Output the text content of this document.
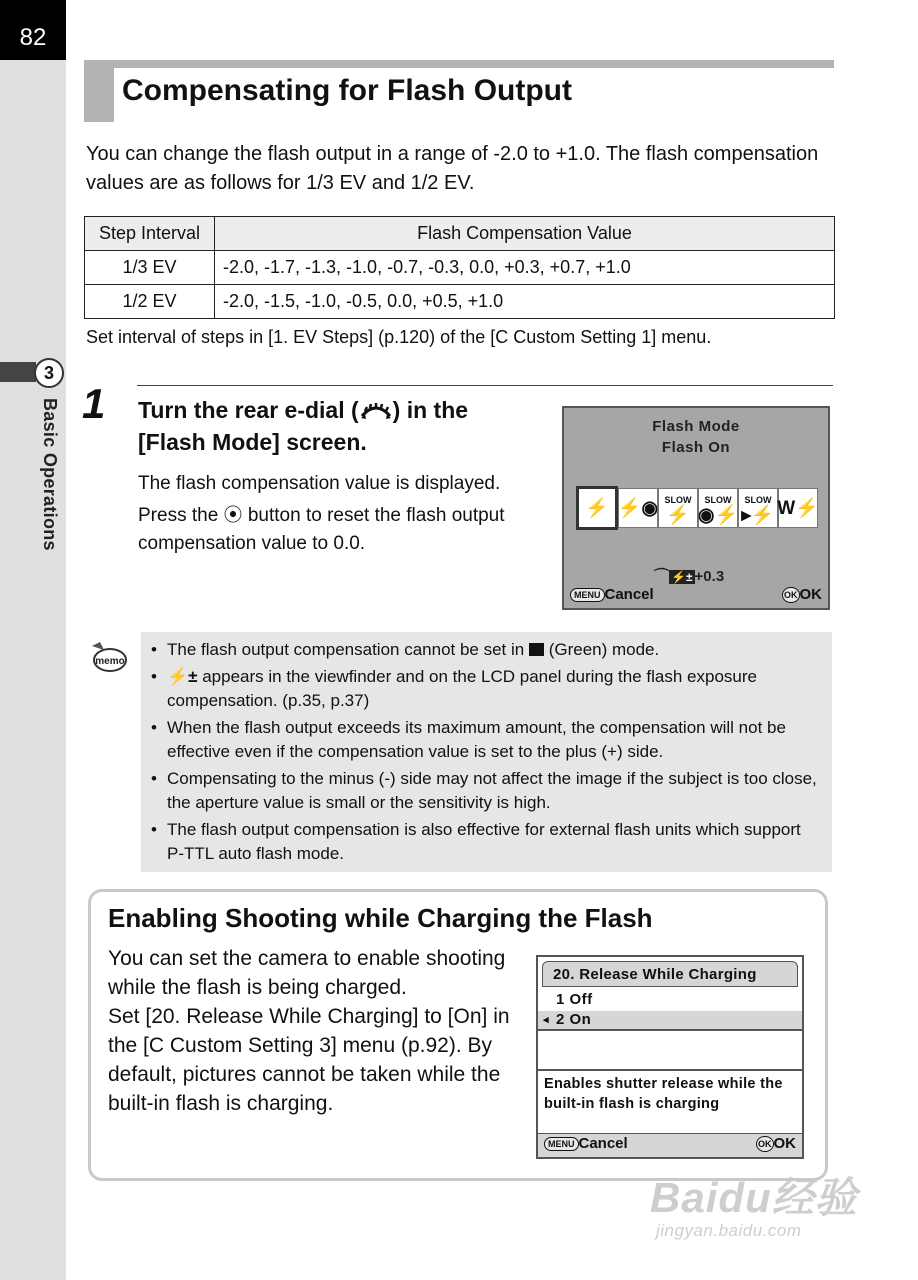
82
3
Basic Operations
Compensating for Flash Output

You can change the flash output in a range of -2.0 to +1.0. The flash compensation values are as follows for 1/3 EV and 1/2 EV.

Step Interval	Flash Compensation Value
1/3 EV	-2.0, -1.7, -1.3, -1.0, -0.7, -0.3, 0.0, +0.3, +0.7, +1.0
1/2 EV	-2.0, -1.5, -1.0, -0.5, 0.0, +0.5, +1.0

Set interval of steps in [1. EV Steps] (p.120) of the [C Custom Setting 1] menu.

1 Turn the rear e-dial ( ) in the [Flash Mode] screen.

The flash compensation value is displayed.

Press the ⦿ button to reset the flash output compensation value to 0.0.

Flash Mode
Flash On
⚡ ⚡◉ SLOW
⚡
SLOW
◉⚡
SLOW
▸⚡ W⚡
⌒ ⚡± +0.3
MENU Cancel	OK OK
memo
• The flash output compensation cannot be set in  (Green) mode.
• ⚡± appears in the viewfinder and on the LCD panel during the flash exposure compensation. (p.35, p.37)
• When the flash output exceeds its maximum amount, the compensation will not be effective even if the compensation value is set to the plus (+) side.
• Compensating to the minus (-) side may not affect the image if the subject is too close, the aperture value is small or the sensitivity is high.
• The flash output compensation is also effective for external flash units which support P-TTL auto flash mode.
Enabling Shooting while Charging the Flash

You can set the camera to enable shooting while the flash is being charged.

Set [20. Release While Charging] to [On] in the [C Custom Setting 3] menu (p.92). By default, pictures cannot be taken while the built-in flash is charging.

20. Release While Charging
1 Off
◂ 2 On
Enables shutter release while the built-in flash is charging
MENU Cancel	OK OK
Baidu经验
jingyan.baidu.com
